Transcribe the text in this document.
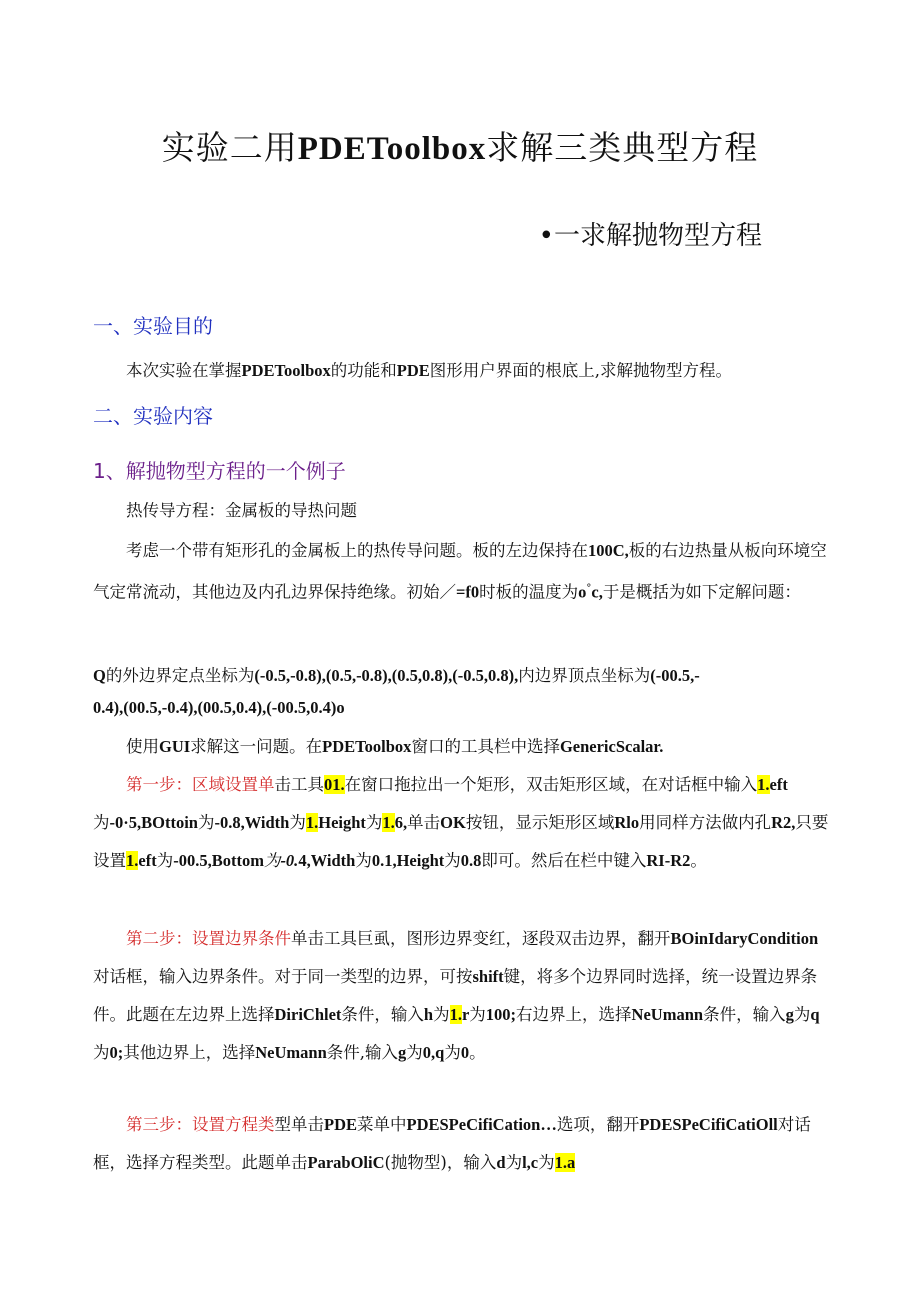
实验二用PDEToolbox求解三类典型方程
•一求解抛物型方程
一、实验目的
本次实验在掌握PDEToolbox的功能和PDE图形用户界面的根底上,求解抛物型方程。
二、实验内容
1、解抛物型方程的一个例子
热传导方程：金属板的导热问题
考虑一个带有矩形孔的金属板上的热传导问题。板的左边保持在100C,板的右边热量从板向环境空气定常流动，其他边及内孔边界保持绝缘。初始／=f0时板的温度为o°c,于是概括为如下定解问题：
Q的外边界定点坐标为(-0.5,-0.8),(0.5,-0.8),(0.5,0.8),(-0.5,0.8),内边界顶点坐标为(-00.5,-
0.4),(00.5,-0.4),(00.5,0.4),(-00.5,0.4)o
使用GUI求解这一问题。在PDEToolbox窗口的工具栏中选择GenericScalar.
第一步：区域设置单击工具01.在窗口拖拉出一个矩形，双击矩形区域，在对话框中输入1.eft为-0·5,BOttoin为-0.8,Width为1.Height为1.6,单击OK按钮，显示矩形区域Rlo用同样方法做内孔R2,只要设置1.eft为-00.5,Bottom为-0.4,Width为0.1,Height为0.8即可。然后在栏中键入RI-R2。
第二步：设置边界条件单击工具巨虱，图形边界变红，逐段双击边界，翻开BOinIdaryCondition对话框，输入边界条件。对于同一类型的边界，可按shift键，将多个边界同时选择，统一设置边界条件。此题在左边界上选择DiriChlet条件，输入h为1.r为100;右边界上，选择NeUmann条件，输入g为q为0;其他边界上，选择NeUmann条件,输入g为0,q为0。
第三步：设置方程类型单击PDE菜单中PDESPeCifiCation…选项，翻开PDESPeCifiCatiOll对话框，选择方程类型。此题单击ParabOliC(抛物型)，输入d为l,c为1.a
